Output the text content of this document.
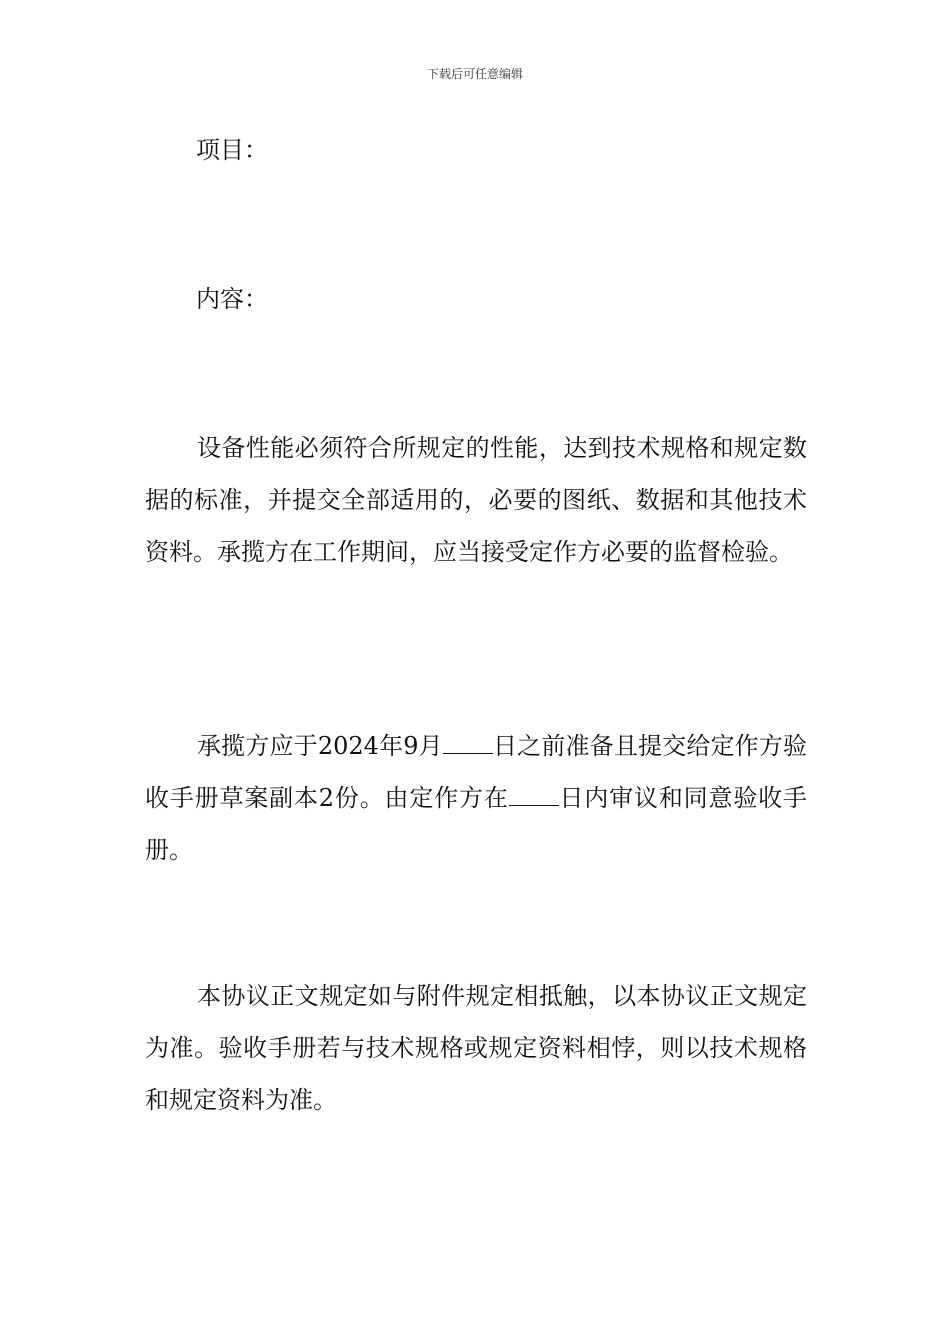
下载后可任意编辑
项目：
内容：

设备性能必须符合所规定的性能，达到技术规格和规定数据的标准，并提交全部适用的，必要的图纸、数据和其他技术资料。承揽方在工作期间，应当接受定作方必要的监督检验。

承揽方应于2024年9月 日之前准备且提交给定作方验收手册草案副本2份。由定作方在 日内审议和同意验收手册。

本协议正文规定如与附件规定相抵触，以本协议正文规定为准。验收手册若与技术规格或规定资料相悖，则以技术规格和规定资料为准。
